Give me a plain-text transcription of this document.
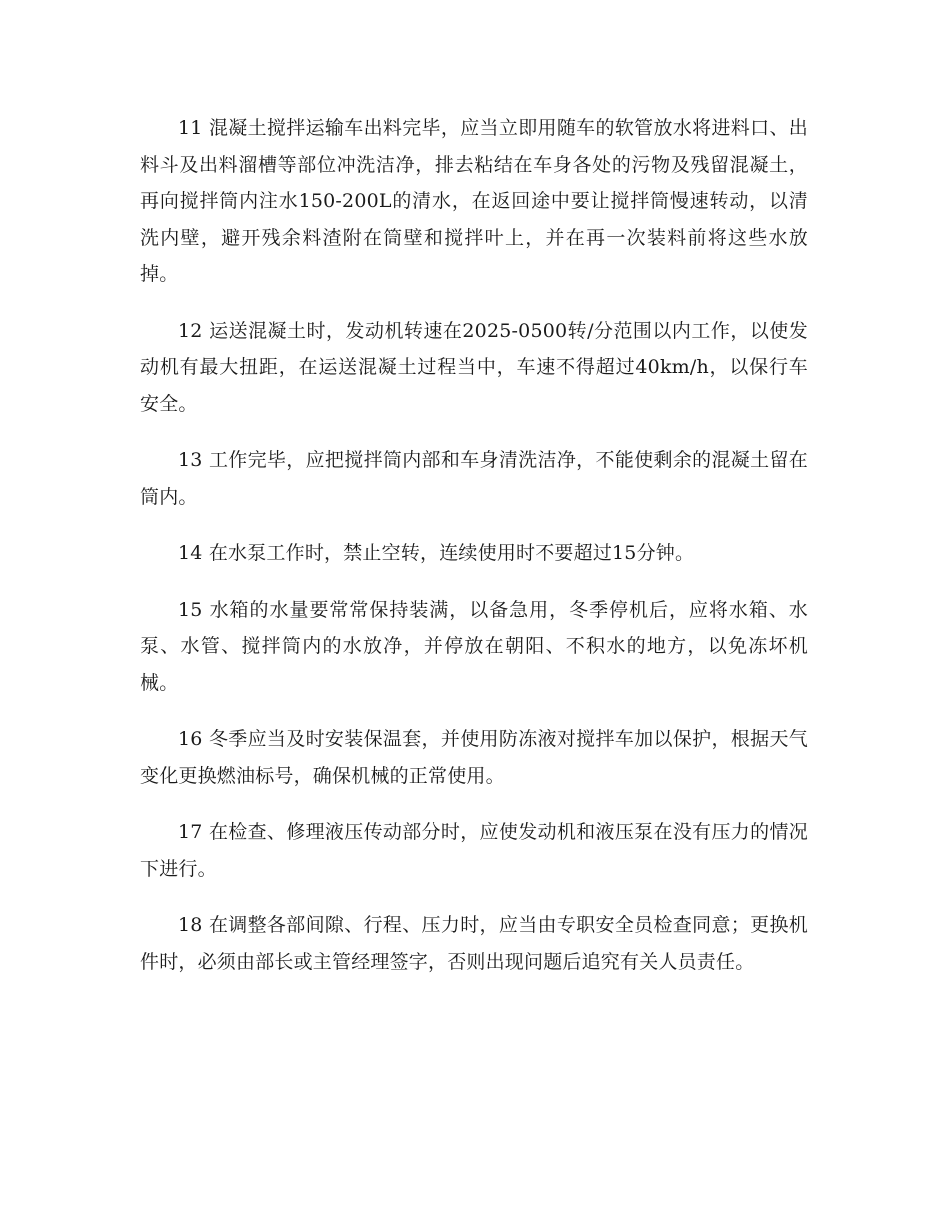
11 混凝土搅拌运输车出料完毕，应当立即用随车的软管放水将进料口、出料斗及出料溜槽等部位冲洗洁净，排去粘结在车身各处的污物及残留混凝土，再向搅拌筒内注水150-200L的清水，在返回途中要让搅拌筒慢速转动，以清洗内壁，避开残余料渣附在筒壁和搅拌叶上，并在再一次装料前将这些水放掉。

12 运送混凝土时，发动机转速在2025-0500转/分范围以内工作，以使发动机有最大扭距，在运送混凝土过程当中，车速不得超过40km/h，以保行车安全。

13 工作完毕，应把搅拌筒内部和车身清洗洁净，不能使剩余的混凝土留在筒内。

14 在水泵工作时，禁止空转，连续使用时不要超过15分钟。

15 水箱的水量要常常保持装满，以备急用，冬季停机后，应将水箱、水泵、水管、搅拌筒内的水放净，并停放在朝阳、不积水的地方，以免冻坏机械。

16 冬季应当及时安装保温套，并使用防冻液对搅拌车加以保护，根据天气变化更换燃油标号，确保机械的正常使用。

17 在检查、修理液压传动部分时，应使发动机和液压泵在没有压力的情况下进行。

18 在调整各部间隙、行程、压力时，应当由专职安全员检查同意；更换机件时，必须由部长或主管经理签字，否则出现问题后追究有关人员责任。
